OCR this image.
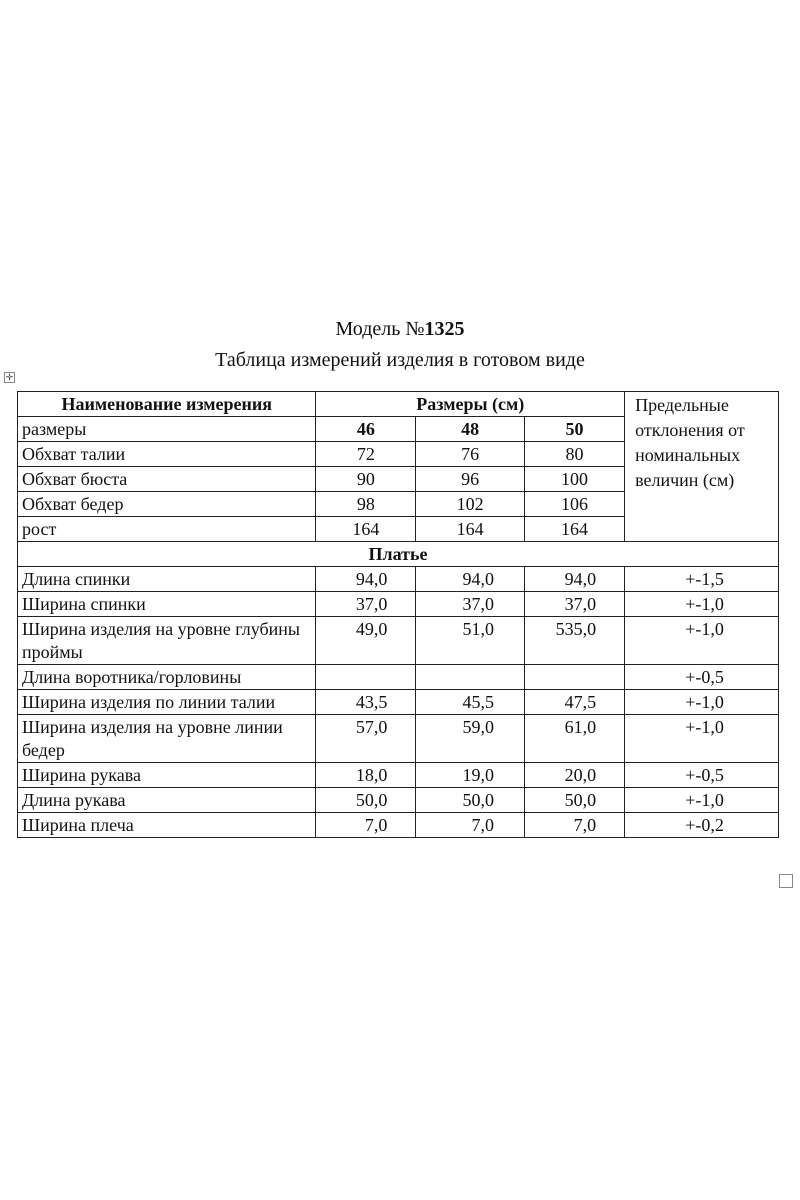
Модель №1325
Таблица измерений изделия в готовом виде
✛
Наименование измерения	Размеры (см)			Предельные отклонения от номинальных величин (см)
размеры	46	48	50	
Обхват талии	72	76	80	
Обхват бюста	90	96	100	
Обхват бедер	98	102	106	
рост	164	164	164	
Платье				
Длина спинки	94,0	94,0	94,0	+-1,5
Ширина спинки	37,0	37,0	37,0	+-1,0
Ширина изделия на уровне глубины проймы	49,0	51,0	535,0	+-1,0
Длина воротника/горловины				+-0,5
Ширина изделия по линии талии	43,5	45,5	47,5	+-1,0
Ширина изделия на уровне линии бедер	57,0	59,0	61,0	+-1,0
Ширина рукава	18,0	19,0	20,0	+-0,5
Длина рукава	50,0	50,0	50,0	+-1,0
Ширина плеча	7,0	7,0	7,0	+-0,2
